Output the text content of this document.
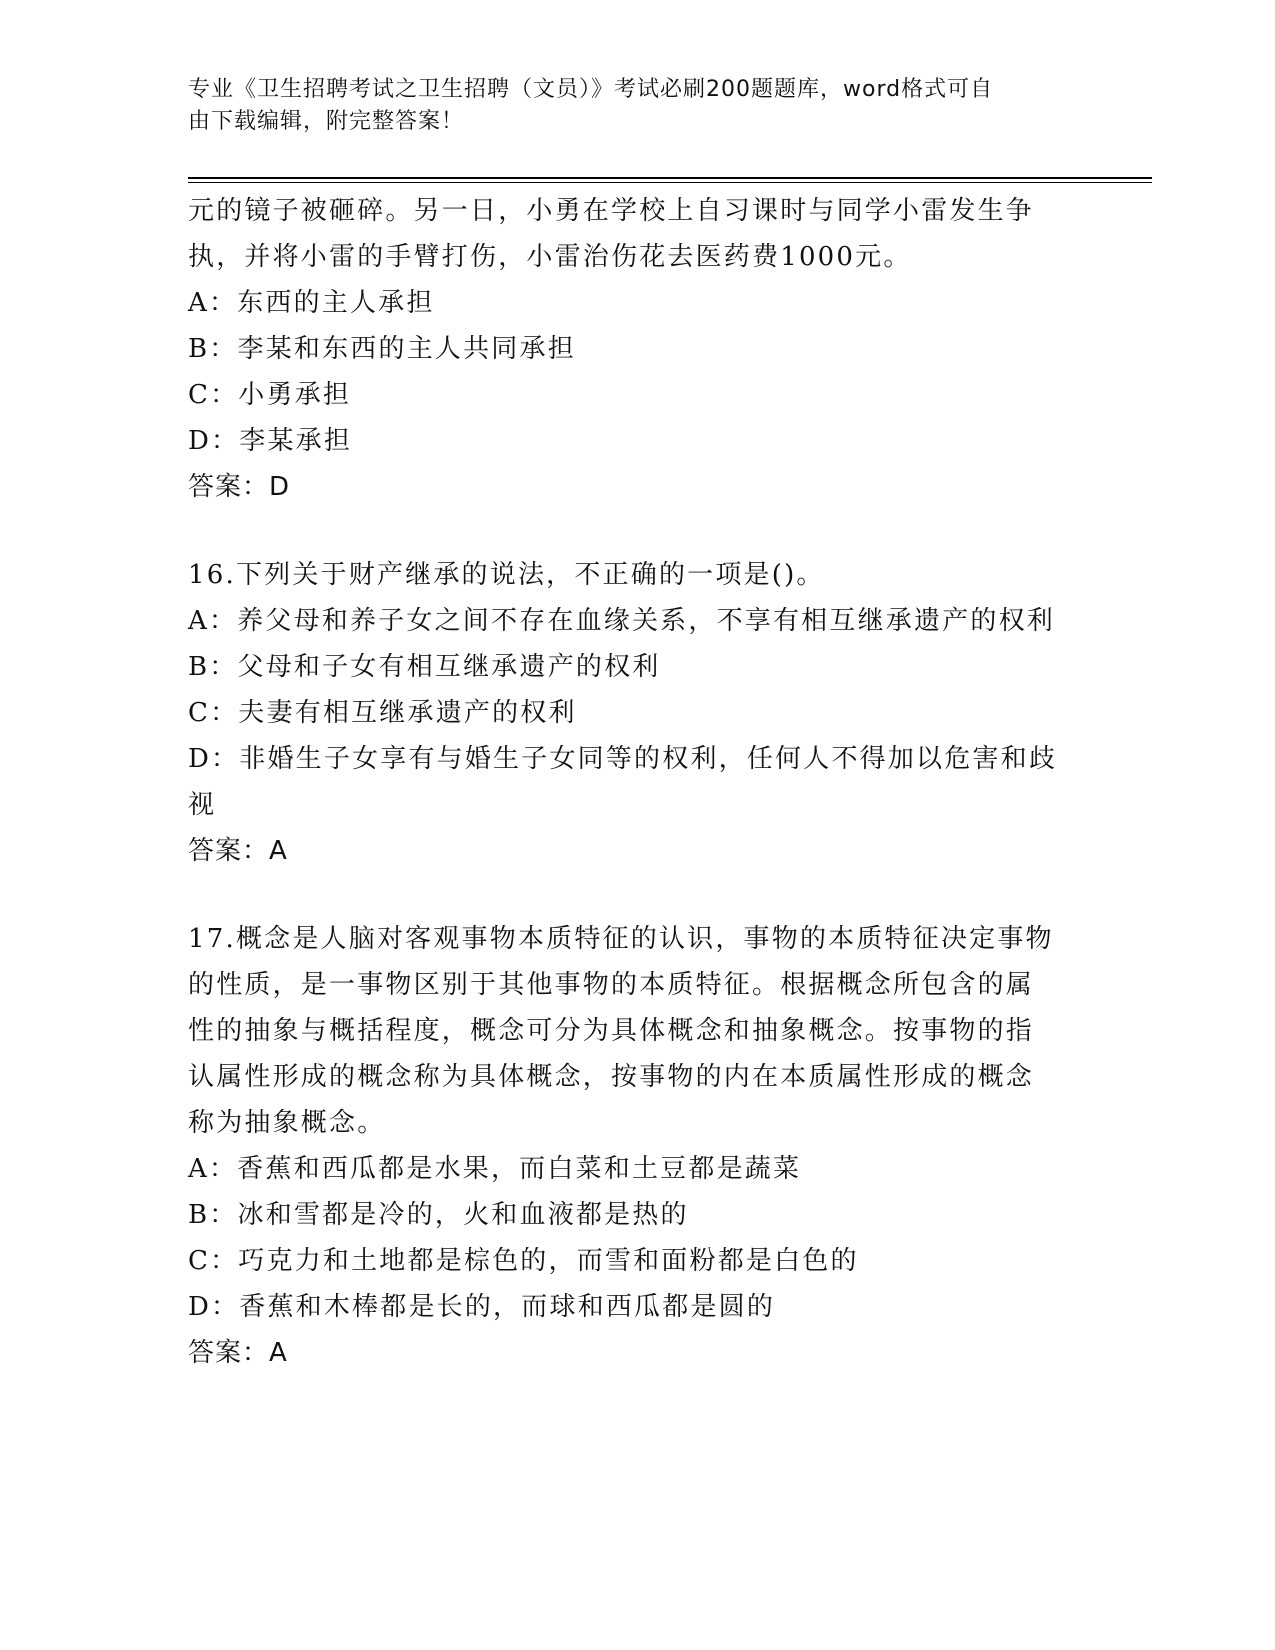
专业《卫生招聘考试之卫生招聘（文员）》考试必刷200题题库，word格式可自
由下载编辑，附完整答案！
元的镜子被砸碎。另一日，小勇在学校上自习课时与同学小雷发生争
执，并将小雷的手臂打伤，小雷治伤花去医药费1000元。
A：东西的主人承担
B：李某和东西的主人共同承担
C：小勇承担
D：李某承担
答案：D
16.下列关于财产继承的说法，不正确的一项是()。
A：养父母和养子女之间不存在血缘关系，不享有相互继承遗产的权利
B：父母和子女有相互继承遗产的权利
C：夫妻有相互继承遗产的权利
D：非婚生子女享有与婚生子女同等的权利，任何人不得加以危害和歧
视
答案：A
17.概念是人脑对客观事物本质特征的认识，事物的本质特征决定事物
的性质，是一事物区别于其他事物的本质特征。根据概念所包含的属
性的抽象与概括程度，概念可分为具体概念和抽象概念。按事物的指
认属性形成的概念称为具体概念，按事物的内在本质属性形成的概念
称为抽象概念。
A：香蕉和西瓜都是水果，而白菜和土豆都是蔬菜
B：冰和雪都是冷的，火和血液都是热的
C：巧克力和土地都是棕色的，而雪和面粉都是白色的
D：香蕉和木棒都是长的，而球和西瓜都是圆的
答案：A
